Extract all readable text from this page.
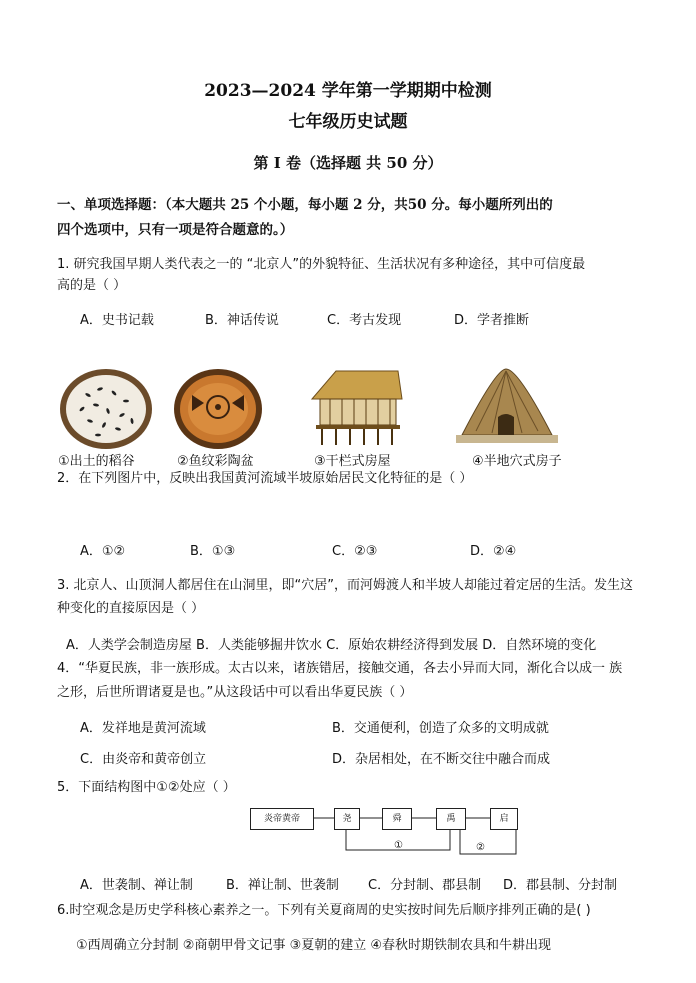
2023—2024 学年第一学期期中检测
七年级历史试题
第 I 卷（选择题 共 50 分）
一、单项选择题：（本大题共 25 个小题，每小题 2 分，共50 分。每小题所列出的
四个选项中，只有一项是符合题意的。）
1. 研究我国早期人类代表之一的 “北京人”的外貌特征、生活状况有多种途径，其中可信度最
高的是（ ）
A．史书记载	B．神话传说	C．考古发现	D．学者推断
①出土的稻谷	②鱼纹彩陶盆	③干栏式房屋	④半地穴式房子
2．在下列图片中，反映出我国黄河流域半坡原始居民文化特征的是（ ）
A．①②	B．①③	C．②③	D．②④
3. 北京人、山顶洞人都居住在山洞里，即“穴居”，而河姆渡人和半坡人却能过着定居的生活。发生这
种变化的直接原因是（ ）
A．人类学会制造房屋 B．人类能够掘井饮水 C．原始农耕经济得到发展 D．自然环境的变化
4．“华夏民族，非一族形成。太古以来，诸族错居，接触交通，各去小异而大同，渐化合以成一 族
之形，后世所谓诸夏是也。”从这段话中可以看出华夏民族（ ）
A．发祥地是黄河流域	B．交通便利，创造了众多的文明成就
C．由炎帝和黄帝创立	D．杂居相处，在不断交往中融合而成
5．下面结构图中①②处应（ ）
炎帝黄帝	尧	舜	禹	启
①	②
A．世袭制、禅让制	B．禅让制、世袭制 C．分封制、郡县制 D．郡县制、分封制
6.时空观念是历史学科核心素养之一。下列有关夏商周的史实按时间先后顺序排列正确的是( )
①西周确立分封制 ②商朝甲骨文记事 ③夏朝的建立 ④春秋时期铁制农具和牛耕出现
